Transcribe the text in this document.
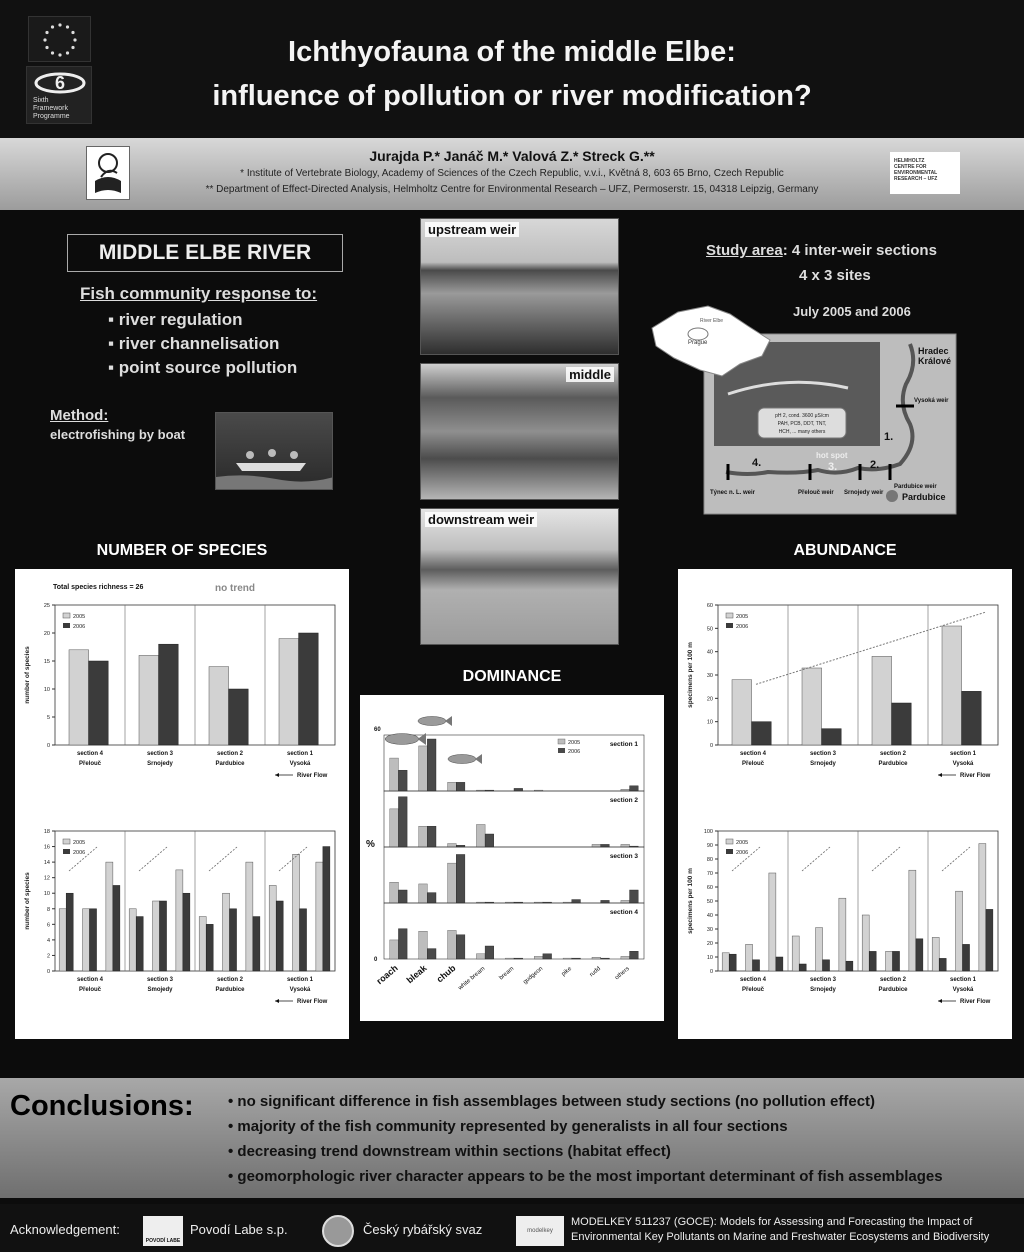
6
Sixth
Framework
Programme
Ichthyofauna of the middle Elbe:
influence of pollution or river modification?
Jurajda P.* Janáč M.* Valová Z.* Streck G.**
* Institute of Vertebrate Biology, Academy of Sciences of the Czech Republic, v.v.i., Květná 8, 603 65 Brno, Czech Republic
** Department of Effect-Directed Analysis, Helmholtz Centre for Environmental Research – UFZ, Permoserstr. 15, 04318 Leipzig, Germany
HELMHOLTZ
CENTRE FOR
ENVIRONMENTAL
RESEARCH – UFZ
MIDDLE ELBE RIVER
Fish community response to:
▪ river regulation
▪ river channelisation
▪ point source pollution
Method:
electrofishing by boat
upstream weir
middle
downstream weir
Study area: 4 inter-weir sections
4 x 3 sites
July 2005 and 2006
River Elbe
Prague
pH 2, cond. 3600 μS/cm
PAH, PCB, DDT, TNT,
HCH, ... many others
Hradec
Králové
Vysoká weir
1.
2.
3.
4.
hot spot
Pardubice weir
Pardubice
Týnec n. L. weir	Přelouč weir Srnojedy weir
NUMBER OF SPECIES	ABUNDANCE
DOMINANCE
0
5
10
15
20
25
number of species
section 4
Přelouč
section 3
Srnojedy
section 2
Pardubice
section 1
Vysoká
2005
2006
River Flow
Total species richness = 26	no trend
0
2
4
6
8
10
12
14
16
18
number of species
section 4
Přelouč
section 3
Smojedy
section 2
Pardubice
section 1
Vysoká
2005
2006
River Flow
60
0
%
section 1
section 2
section 3
section 4
2005
2006
roach bleak chub white bream bream gudgeon	pike	rudd others
0
10
20
30
40
50
60
specimens per 100 m
section 4
Přelouč
section 3
Srnojedy
section 2
Pardubice
section 1
Vysoká
2005
2006
River Flow
0
10
20
30
40
50
60
70
80
90
100
specimens per 100 m
section 4
Přelouč
section 3
Srnojedy
section 2
Pardubice
section 1
Vysoká
2005
2006
River Flow
Conclusions: • no significant difference in fish assemblages between study sections (no pollution effect)
• majority of the fish community represented by generalists in all four sections
• decreasing trend downstream within sections (habitat effect)
• geomorphologic river character appears to be the most important determinant of fish assemblages
Acknowledgement:
POVODÍ LABE
Povodí Labe s.p.	Český rybářský svaz	modelkey
MODELKEY 511237 (GOCE): Models for Assessing and Forecasting the Impact of
Environmental Key Pollutants on Marine and Freshwater Ecosystems and Biodiversity
